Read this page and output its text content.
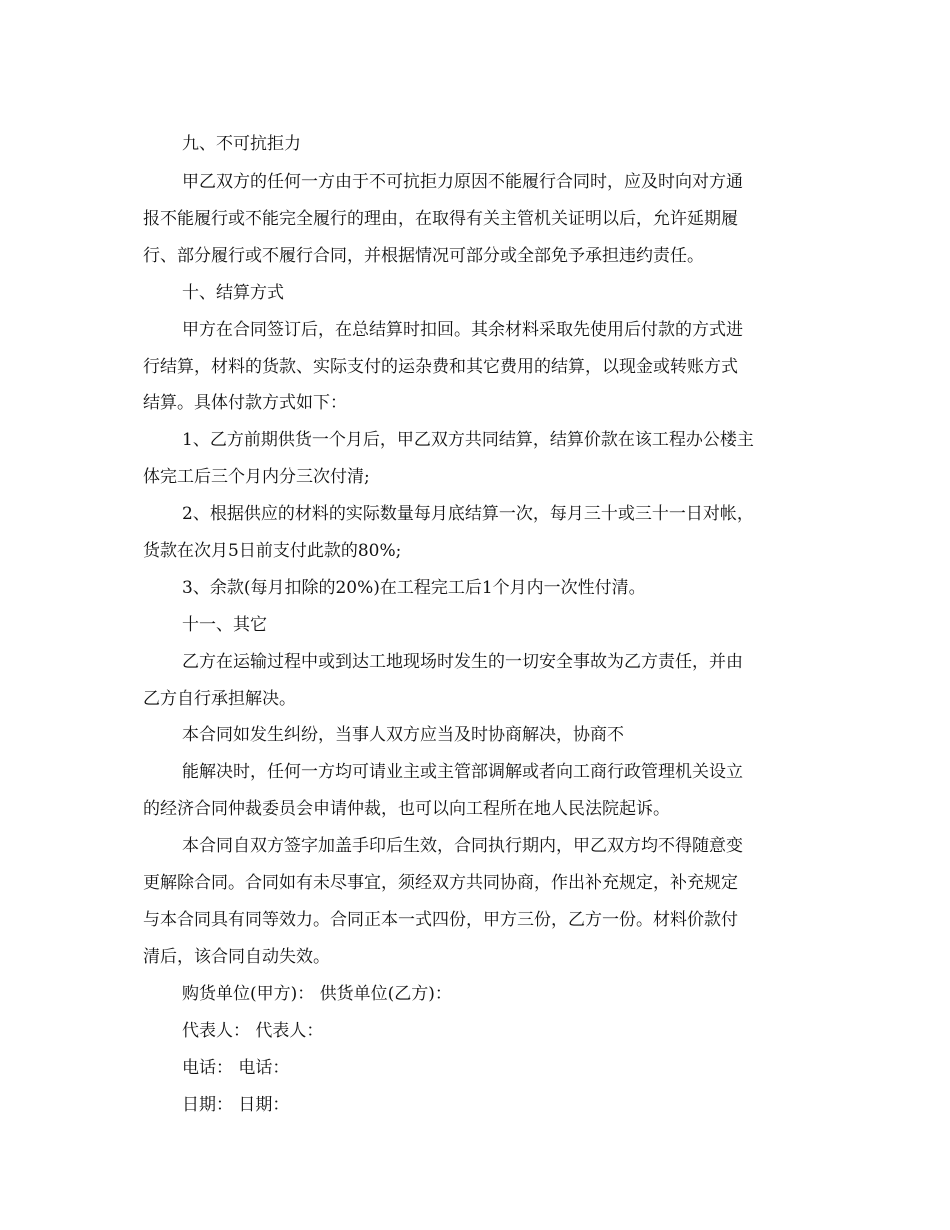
九、不可抗拒力
甲乙双方的任何一方由于不可抗拒力原因不能履行合同时，应及时向对方通
报不能履行或不能完全履行的理由，在取得有关主管机关证明以后，允许延期履
行、部分履行或不履行合同，并根据情况可部分或全部免予承担违约责任。
十、结算方式
甲方在合同签订后，在总结算时扣回。其余材料采取先使用后付款的方式进
行结算，材料的货款、实际支付的运杂费和其它费用的结算，以现金或转账方式
结算。具体付款方式如下：
1、乙方前期供货一个月后，甲乙双方共同结算，结算价款在该工程办公楼主
体完工后三个月内分三次付清;
2、根据供应的材料的实际数量每月底结算一次，每月三十或三十一日对帐，
货款在次月5日前支付此款的80%;
3、余款(每月扣除的20%)在工程完工后1个月内一次性付清。
十一、其它
乙方在运输过程中或到达工地现场时发生的一切安全事故为乙方责任，并由
乙方自行承担解决。
本合同如发生纠纷，当事人双方应当及时协商解决，协商不
能解决时，任何一方均可请业主或主管部调解或者向工商行政管理机关设立
的经济合同仲裁委员会申请仲裁，也可以向工程所在地人民法院起诉。
本合同自双方签字加盖手印后生效，合同执行期内，甲乙双方均不得随意变
更解除合同。合同如有未尽事宜，须经双方共同协商，作出补充规定，补充规定
与本合同具有同等效力。合同正本一式四份，甲方三份，乙方一份。材料价款付
清后，该合同自动失效。
购货单位(甲方)： 供货单位(乙方)：
代表人： 代表人：
电话： 电话：
日期： 日期：
